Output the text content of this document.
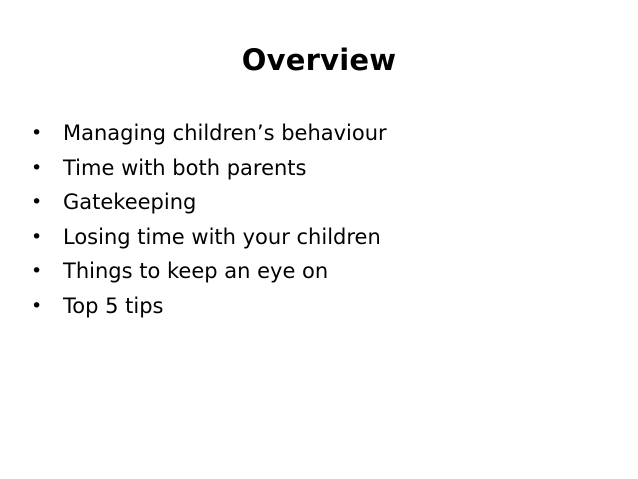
Overview
• Managing children’s behaviour
• Time with both parents
• Gatekeeping
• Losing time with your children
• Things to keep an eye on
• Top 5 tips
